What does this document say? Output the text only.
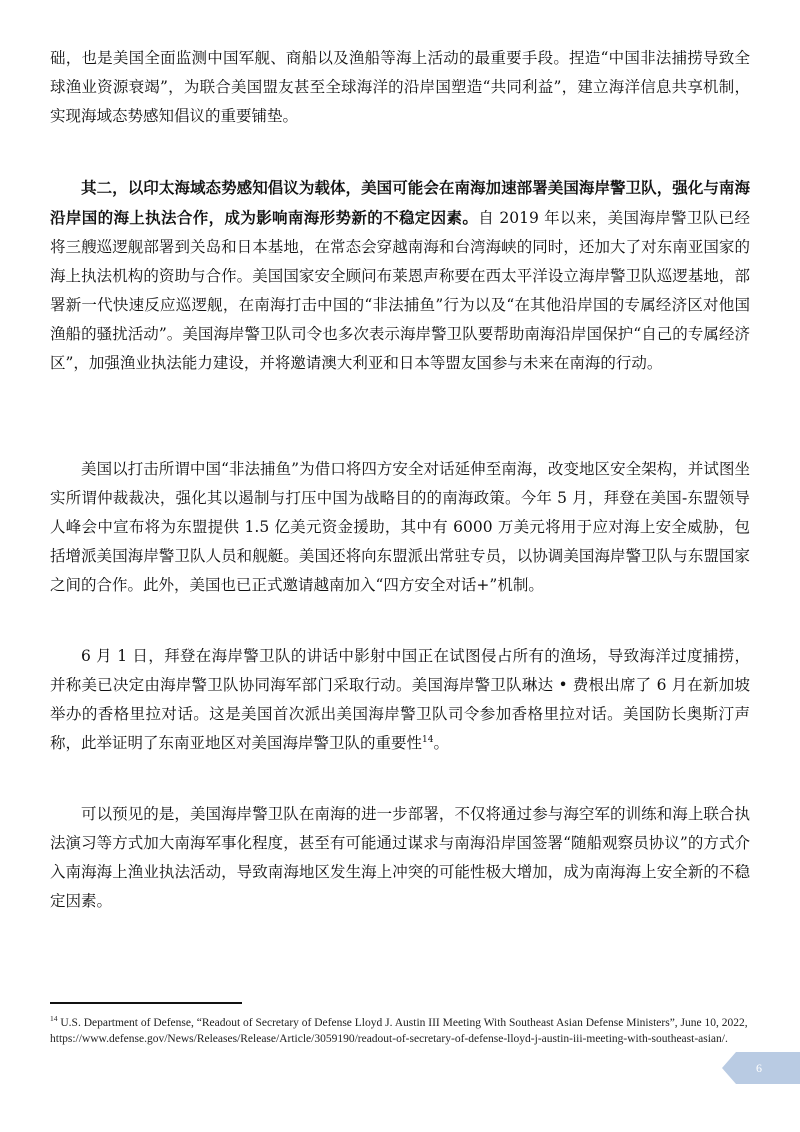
础，也是美国全面监测中国军舰、商船以及渔船等海上活动的最重要手段。捏造“中国非法捕捞导致全球渔业资源衰竭”，为联合美国盟友甚至全球海洋的沿岸国塑造“共同利益”，建立海洋信息共享机制，实现海域态势感知倡议的重要铺垫。

其二，以印太海域态势感知倡议为载体，美国可能会在南海加速部署美国海岸警卫队，强化与南海沿岸国的海上执法合作，成为影响南海形势新的不稳定因素。自 2019 年以来，美国海岸警卫队已经将三艘巡逻舰部署到关岛和日本基地，在常态会穿越南海和台湾海峡的同时，还加大了对东南亚国家的海上执法机构的资助与合作。美国国家安全顾问布莱恩声称要在西太平洋设立海岸警卫队巡逻基地，部署新一代快速反应巡逻舰，在南海打击中国的“非法捕鱼”行为以及“在其他沿岸国的专属经济区对他国渔船的骚扰活动”。美国海岸警卫队司令也多次表示海岸警卫队要帮助南海沿岸国保护“自己的专属经济区”，加强渔业执法能力建设，并将邀请澳大利亚和日本等盟友国参与未来在南海的行动。

美国以打击所谓中国“非法捕鱼”为借口将四方安全对话延伸至南海，改变地区安全架构，并试图坐实所谓仲裁裁决，强化其以遏制与打压中国为战略目的的南海政策。今年 5 月，拜登在美国-东盟领导人峰会中宣布将为东盟提供 1.5 亿美元资金援助，其中有 6000 万美元将用于应对海上安全威胁，包括增派美国海岸警卫队人员和舰艇。美国还将向东盟派出常驻专员，以协调美国海岸警卫队与东盟国家之间的合作。此外，美国也已正式邀请越南加入“四方安全对话+”机制。

6 月 1 日，拜登在海岸警卫队的讲话中影射中国正在试图侵占所有的渔场，导致海洋过度捕捞，并称美已决定由海岸警卫队协同海军部门采取行动。美国海岸警卫队琳达 • 费根出席了 6 月在新加坡举办的香格里拉对话。这是美国首次派出美国海岸警卫队司令参加香格里拉对话。美国防长奥斯汀声称，此举证明了东南亚地区对美国海岸警卫队的重要性$^{14}$。

可以预见的是，美国海岸警卫队在南海的进一步部署，不仅将通过参与海空军的训练和海上联合执法演习等方式加大南海军事化程度，甚至有可能通过谋求与南海沿岸国签署“随船观察员协议”的方式介入南海海上渔业执法活动，导致南海地区发生海上冲突的可能性极大增加，成为南海海上安全新的不稳定因素。

$^{14}$ U.S. Department of Defense, “Readout of Secretary of Defense Lloyd J. Austin III Meeting With Southeast Asian Defense Ministers”, June 10, 2022, https://www.defense.gov/News/Releases/Release/Article/3059190/readout-of-secretary-of-defense-lloyd-j-austin-iii-meeting-with-southeast-asian/.
6
